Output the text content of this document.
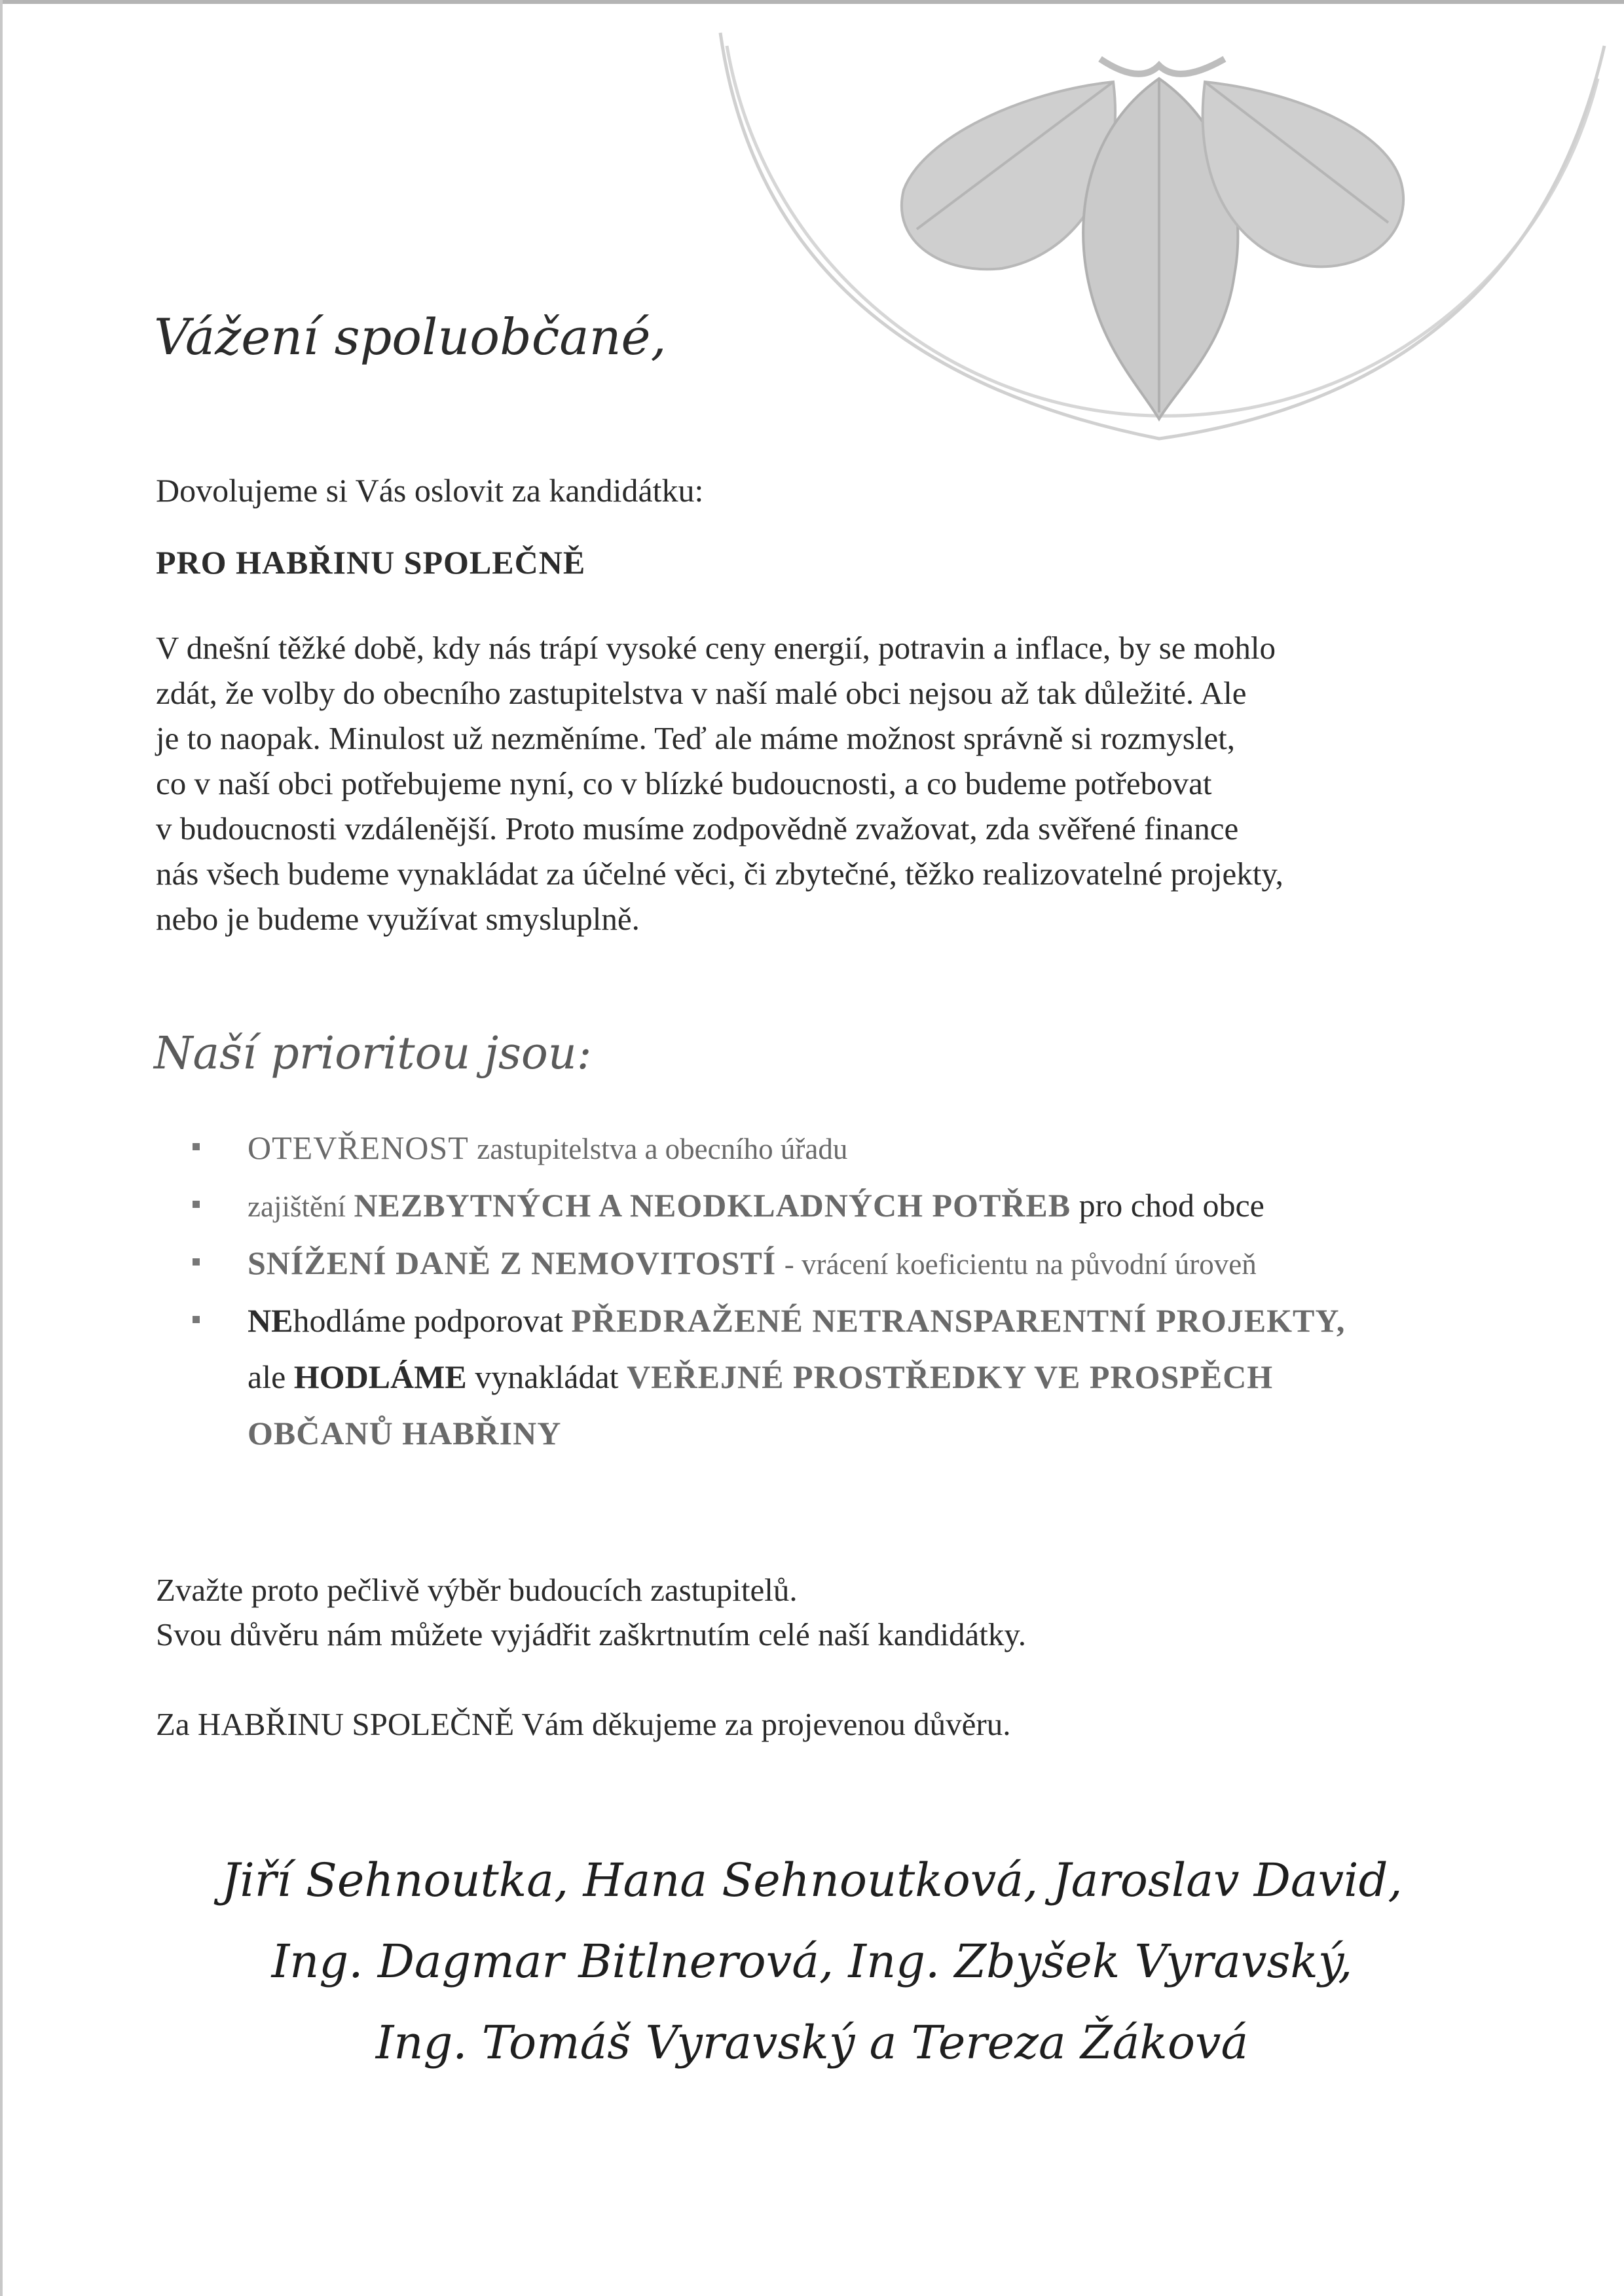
Vážení spoluobčané,
Dovolujeme si Vás oslovit za kandidátku:
PRO HABŘINU SPOLEČNĚ

V dnešní těžké době, kdy nás trápí vysoké ceny energií, potravin a inflace, by se mohlo

zdát, že volby do obecního zastupitelstva v naší malé obci nejsou až tak důležité. Ale

je to naopak. Minulost už nezměníme. Teď ale máme možnost správně si rozmyslet,

co v naší obci potřebujeme nyní, co v blízké budoucnosti, a co budeme potřebovat

v budoucnosti vzdálenější. Proto musíme zodpovědně zvažovat, zda svěřené finance

nás všech budeme vynakládat za účelné věci, či zbytečné, těžko realizovatelné projekty,

nebo je budeme využívat smysluplně.

Naší prioritou jsou:
OTEVŘENOST zastupitelstva a obecního úřadu
zajištění NEZBYTNÝCH A NEODKLADNÝCH POTŘEB pro chod obce
SNÍŽENÍ DANĚ Z NEMOVITOSTÍ - vrácení koeficientu na původní úroveň
NEhodláme podporovat PŘEDRAŽENÉ NETRANSPARENTNÍ PROJEKTY,
ale HODLÁME vynakládat VEŘEJNÉ PROSTŘEDKY VE PROSPĚCH
OBČANŮ HABŘINY

Zvažte proto pečlivě výběr budoucích zastupitelů.

Svou důvěru nám můžete vyjádřit zaškrtnutím celé naší kandidátky.

Za HABŘINU SPOLEČNĚ Vám děkujeme za projevenou důvěru.
Jiří Sehnoutka, Hana Sehnoutková, Jaroslav David,
Ing. Dagmar Bitlnerová, Ing. Zbyšek Vyravský,
Ing. Tomáš Vyravský a Tereza Žáková
